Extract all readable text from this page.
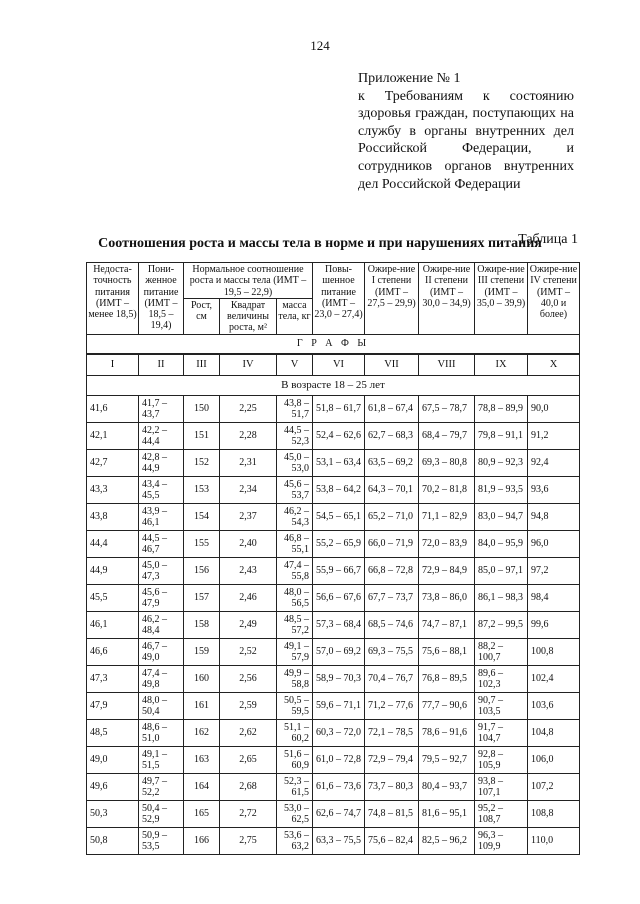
124
Приложение № 1
к Требованиям к состоянию здоровья граждан, поступающих на службу в органы внутренних дел Российской Федерации, и сотрудников органов внутренних дел Российской Федерации
Таблица 1
Соотношения роста и массы тела в норме и при нарушениях питания
Недоста-точность питания (ИМТ – менее 18,5)	Пони-женное питание (ИМТ – 18,5 – 19,4)	Нормальное соотношение роста и массы тела (ИМТ – 19,5 – 22,9)			Повы-шенное питание (ИМТ – 23,0 – 27,4)	Ожире-ние I степени (ИМТ – 27,5 – 29,9)	Ожире-ние II степени (ИМТ – 30,0 – 34,9)	Ожире-ние III степени (ИМТ – 35,0 – 39,9)	Ожире-ние IV степени (ИМТ – 40,0 и более)
		Рост, см	Квадрат величины роста, м²	масса тела, кг					
Г Р А Ф Ы									
I	II	III	IV	V	VI	VII	VIII	IX	X
В возрасте 18 – 25 лет									
41,6	41,7 – 43,7	150	2,25	43,8 – 51,7	51,8 – 61,7	61,8 – 67,4	67,5 – 78,7	78,8 – 89,9	90,0
42,1	42,2 – 44,4	151	2,28	44,5 – 52,3	52,4 – 62,6	62,7 – 68,3	68,4 – 79,7	79,8 – 91,1	91,2
42,7	42,8 – 44,9	152	2,31	45,0 – 53,0	53,1 – 63,4	63,5 – 69,2	69,3 – 80,8	80,9 – 92,3	92,4
43,3	43,4 – 45,5	153	2,34	45,6 – 53,7	53,8 – 64,2	64,3 – 70,1	70,2 – 81,8	81,9 – 93,5	93,6
43,8	43,9 – 46,1	154	2,37	46,2 – 54,3	54,5 – 65,1	65,2 – 71,0	71,1 – 82,9	83,0 – 94,7	94,8
44,4	44,5 – 46,7	155	2,40	46,8 – 55,1	55,2 – 65,9	66,0 – 71,9	72,0 – 83,9	84,0 – 95,9	96,0
44,9	45,0 – 47,3	156	2,43	47,4 – 55,8	55,9 – 66,7	66,8 – 72,8	72,9 – 84,9	85,0 – 97,1	97,2
45,5	45,6 – 47,9	157	2,46	48,0 – 56,5	56,6 – 67,6	67,7 – 73,7	73,8 – 86,0	86,1 – 98,3	98,4
46,1	46,2 – 48,4	158	2,49	48,5 – 57,2	57,3 – 68,4	68,5 – 74,6	74,7 – 87,1	87,2 – 99,5	99,6
46,6	46,7 – 49,0	159	2,52	49,1 – 57,9	57,0 – 69,2	69,3 – 75,5	75,6 – 88,1	88,2 – 100,7	100,8
47,3	47,4 – 49,8	160	2,56	49,9 – 58,8	58,9 – 70,3	70,4 – 76,7	76,8 – 89,5	89,6 – 102,3	102,4
47,9	48,0 – 50,4	161	2,59	50,5 – 59,5	59,6 – 71,1	71,2 – 77,6	77,7 – 90,6	90,7 – 103,5	103,6
48,5	48,6 – 51,0	162	2,62	51,1 – 60,2	60,3 – 72,0	72,1 – 78,5	78,6 – 91,6	91,7 – 104,7	104,8
49,0	49,1 – 51,5	163	2,65	51,6 – 60,9	61,0 – 72,8	72,9 – 79,4	79,5 – 92,7	92,8 – 105,9	106,0
49,6	49,7 – 52,2	164	2,68	52,3 – 61,5	61,6 – 73,6	73,7 – 80,3	80,4 – 93,7	93,8 – 107,1	107,2
50,3	50,4 – 52,9	165	2,72	53,0 – 62,5	62,6 – 74,7	74,8 – 81,5	81,6 – 95,1	95,2 – 108,7	108,8
50,8	50,9 – 53,5	166	2,75	53,6 – 63,2	63,3 – 75,5	75,6 – 82,4	82,5 – 96,2	96,3 – 109,9	110,0
